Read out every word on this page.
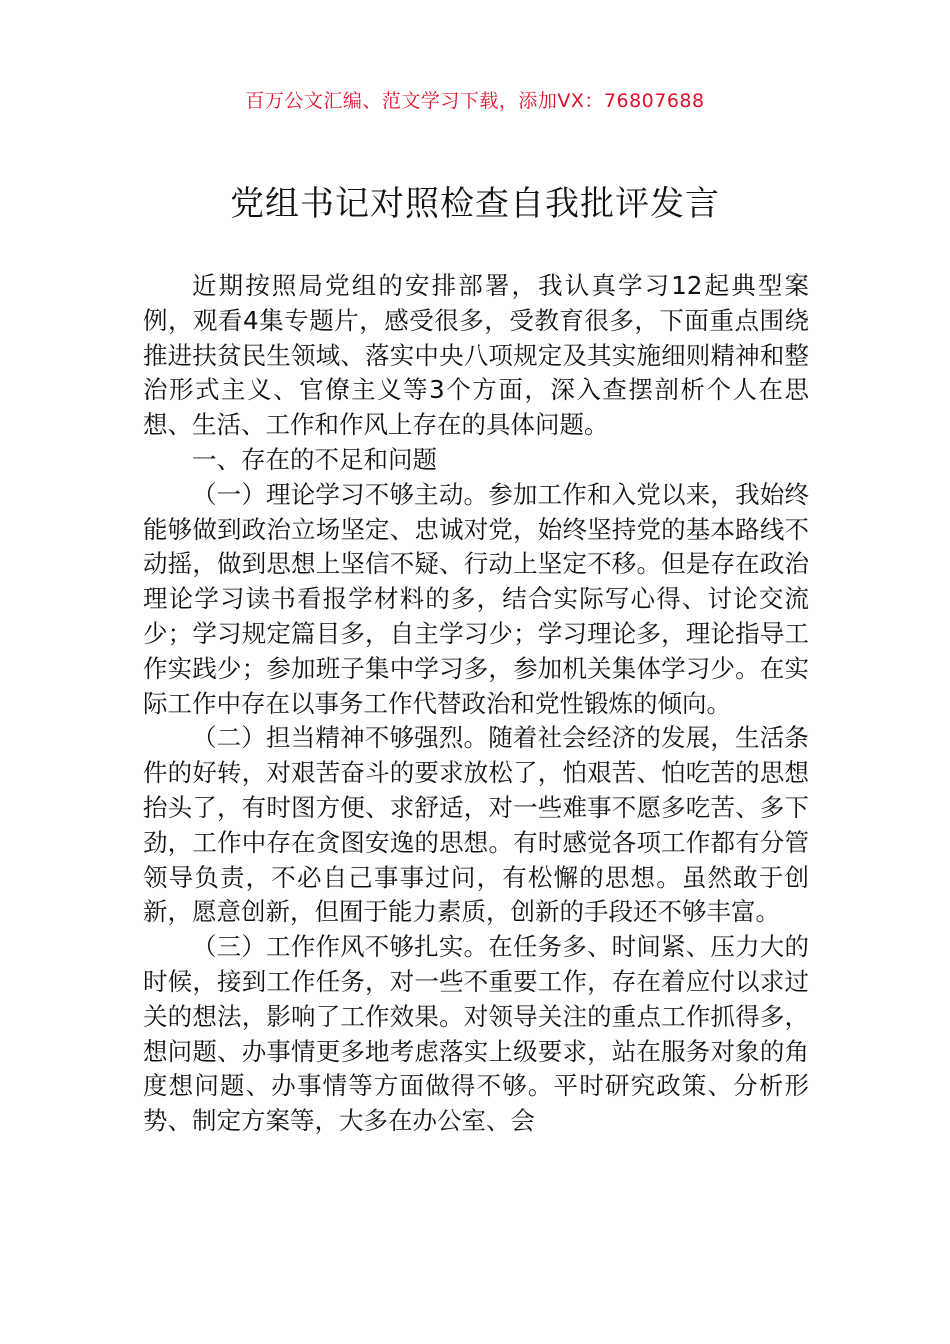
百万公文汇编、范文学习下载，添加VX：76807688
党组书记对照检查自我批评发言

近期按照局党组的安排部署，我认真学习12起典型案例，观看4集专题片，感受很多，受教育很多，下面重点围绕推进扶贫民生领域、落实中央八项规定及其实施细则精神和整治形式主义、官僚主义等3个方面，深入查摆剖析个人在思想、生活、工作和作风上存在的具体问题。

一、存在的不足和问题

（一）理论学习不够主动。参加工作和入党以来，我始终能够做到政治立场坚定、忠诚对党，始终坚持党的基本路线不动摇，做到思想上坚信不疑、行动上坚定不移。但是存在政治理论学习读书看报学材料的多，结合实际写心得、讨论交流少；学习规定篇目多，自主学习少；学习理论多，理论指导工作实践少；参加班子集中学习多，参加机关集体学习少。在实际工作中存在以事务工作代替政治和党性锻炼的倾向。

（二）担当精神不够强烈。随着社会经济的发展，生活条件的好转，对艰苦奋斗的要求放松了，怕艰苦、怕吃苦的思想抬头了，有时图方便、求舒适，对一些难事不愿多吃苦、多下劲，工作中存在贪图安逸的思想。有时感觉各项工作都有分管领导负责，不必自己事事过问，有松懈的思想。虽然敢于创新，愿意创新，但囿于能力素质，创新的手段还不够丰富。

（三）工作作风不够扎实。在任务多、时间紧、压力大的时候，接到工作任务，对一些不重要工作，存在着应付以求过关的想法，影响了工作效果。对领导关注的重点工作抓得多，想问题、办事情更多地考虑落实上级要求，站在服务对象的角度想问题、办事情等方面做得不够。平时研究政策、分析形势、制定方案等，大多在办公室、会
